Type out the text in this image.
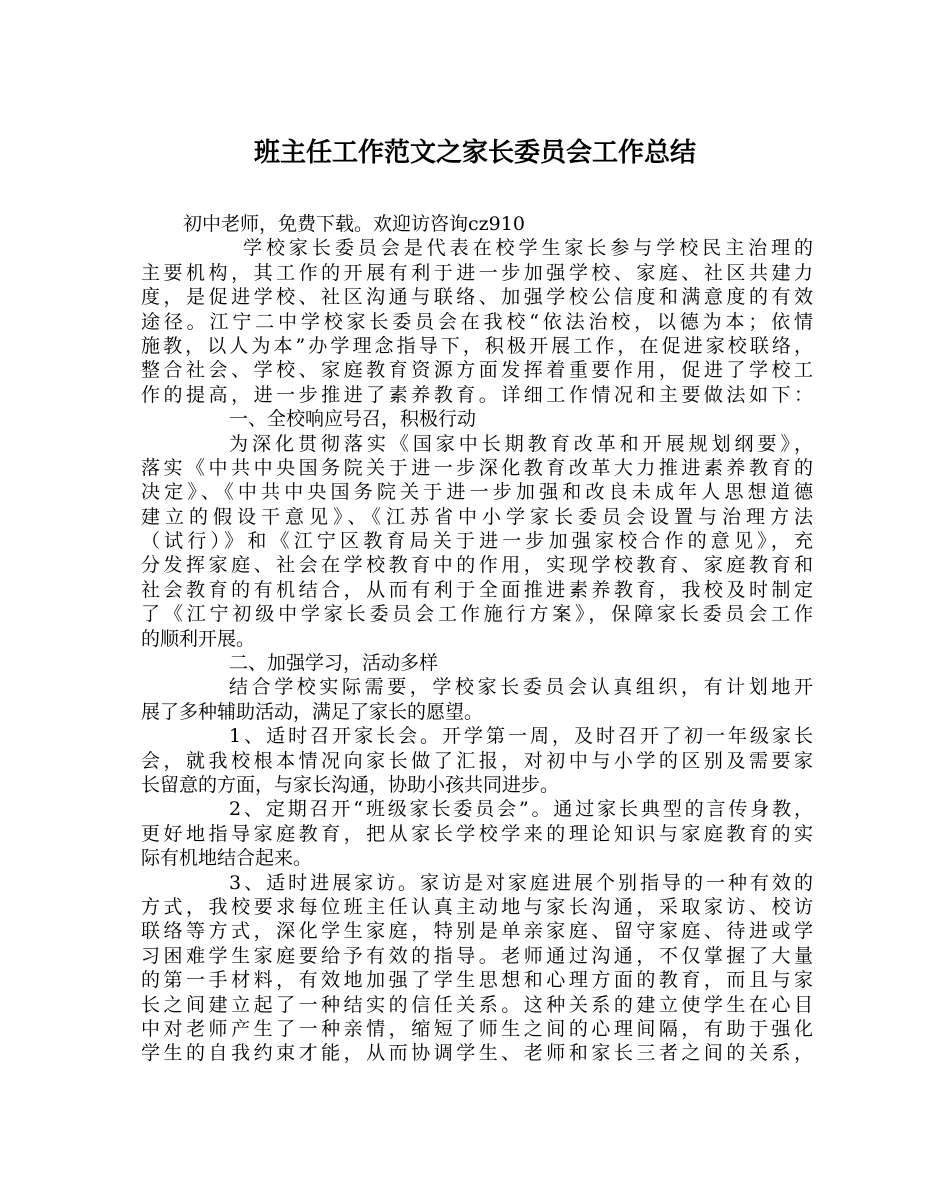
班主任工作范文之家长委员会工作总结
初中老师，免费下载。欢迎访咨询cz910
学校家长委员会是代表在校学生家长参与学校民主治理的
主要机构，其工作的开展有利于进一步加强学校、家庭、社区共建力
度，是促进学校、社区沟通与联络、加强学校公信度和满意度的有效
途径。江宁二中学校家长委员会在我校“依法治校，以德为本；依情
施教，以人为本”办学理念指导下，积极开展工作，在促进家校联络，
整合社会、学校、家庭教育资源方面发挥着重要作用，促进了学校工
作的提高，进一步推进了素养教育。详细工作情况和主要做法如下：
一、全校响应号召，积极行动
为深化贯彻落实《国家中长期教育改革和开展规划纲要》，
落实《中共中央国务院关于进一步深化教育改革大力推进素养教育的
决定》、《中共中央国务院关于进一步加强和改良未成年人思想道德
建立的假设干意见》、《江苏省中小学家长委员会设置与治理方法
（试行）》和《江宁区教育局关于进一步加强家校合作的意见》，充
分发挥家庭、社会在学校教育中的作用，实现学校教育、家庭教育和
社会教育的有机结合，从而有利于全面推进素养教育，我校及时制定
了《江宁初级中学家长委员会工作施行方案》，保障家长委员会工作
的顺利开展。
二、加强学习，活动多样
结合学校实际需要，学校家长委员会认真组织，有计划地开
展了多种辅助活动，满足了家长的愿望。
1、适时召开家长会。开学第一周，及时召开了初一年级家长
会，就我校根本情况向家长做了汇报，对初中与小学的区别及需要家
长留意的方面，与家长沟通，协助小孩共同进步。
2、定期召开“班级家长委员会”。通过家长典型的言传身教，
更好地指导家庭教育，把从家长学校学来的理论知识与家庭教育的实
际有机地结合起来。
3、适时进展家访。家访是对家庭进展个别指导的一种有效的
方式，我校要求每位班主任认真主动地与家长沟通，采取家访、校访
联络等方式，深化学生家庭，特别是单亲家庭、留守家庭、待进或学
习困难学生家庭要给予有效的指导。老师通过沟通，不仅掌握了大量
的第一手材料，有效地加强了学生思想和心理方面的教育，而且与家
长之间建立起了一种结实的信任关系。这种关系的建立使学生在心目
中对老师产生了一种亲情，缩短了师生之间的心理间隔，有助于强化
学生的自我约束才能，从而协调学生、老师和家长三者之间的关系，
